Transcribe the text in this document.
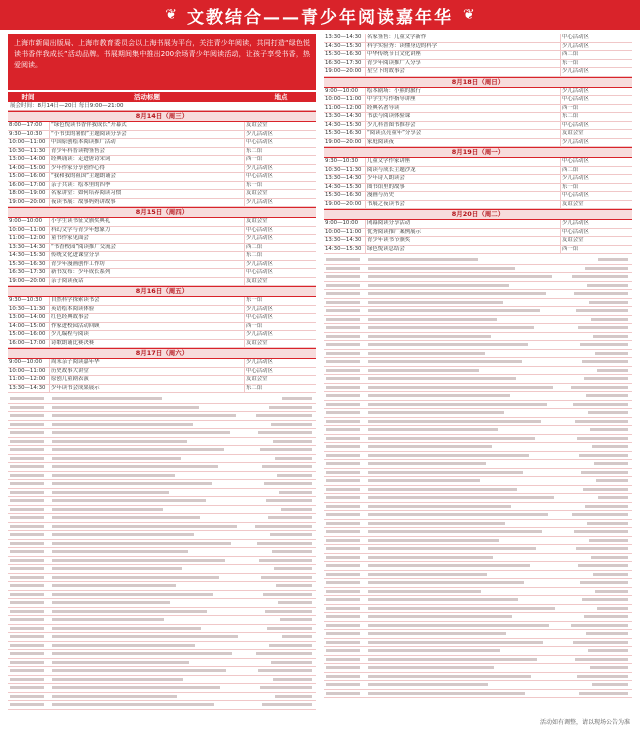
❦ 文教结合——青少年阅读嘉年华 ❦
上海市新闻出版局、上海市教育委员会以上海书展为平台，关注青少年阅读，共同打造“绿色悦读书香伴我成长”活动品牌。书展期间集中推出200余场青少年阅读活动，让孩子享受书香，热爱阅读。
时间	活动标题	地点
展会时间：8月14日—20日 每日9:00—21:00
8月14日（周三）
8:00—17:00	“绿色悦读书香伴我成长”开幕式	友谊会堂
9:30—10:30	“小书虫的暑假”主题阅读分享会	少儿活动区
10:00—11:00	中国原创绘本阅读推广活动	中心活动区
10:30—11:30	青少年科普读物签售会	东二馆
13:00—14:00	经典诵读：走进唐诗宋词	西一馆
14:00—15:00	少年作家分享创作心得	少儿活动区
15:00—16:00	“我和我的祖国”主题朗诵会	中心活动区
16:00—17:00	亲子共读：绘本里的四季	东一馆
18:00—19:00	名家讲堂：如何培养阅读习惯	友谊会堂
19:00—20:00	夜读书展：故事妈妈讲故事	少儿活动区
8月15日（周四）
9:00—10:00	小学生读书征文颁奖典礼	友谊会堂
10:00—11:00	科幻文学与青少年想象力	中心活动区
11:00—12:00	童书作家见面会	少儿活动区
13:30—14:30	“书香校园”阅读推广交流会	西二馆
14:30—15:30	传统文化进课堂分享	东二馆
15:30—16:30	青少年漫画创作工作坊	少儿活动区
16:30—17:30	新书发布：少年成长系列	中心活动区
19:00—20:00	亲子阅读夜话	友谊会堂
8月16日（周五）
9:30—10:30	自然科学探索读书会	东一馆
10:30—11:30	英语绘本阅读体验	少儿活动区
13:00—14:00	红色经典故事会	中心活动区
14:00—15:00	作家进校园活动回顾	西一馆
15:00—16:00	少儿编程与阅读	少儿活动区
16:00—17:00	诗歌朗诵比赛决赛	友谊会堂
8月17日（周六）
9:00—10:00	周末亲子阅读嘉年华	少儿活动区
10:00—11:00	历史故事大讲堂	中心活动区
11:00—12:00	原创儿童剧表演	友谊会堂
13:30—14:30	少年读书会成果展示	东二馆
13:30—14:30	名家签售：儿童文学新作	中心活动区
14:30—15:30	科学实验秀：读懂身边的科学	少儿活动区
15:30—16:30	中华传统节日文化讲座	西二馆
16:30—17:30	青少年阅读推广人分享	东一馆
19:00—20:00	星空下的故事会	少儿活动区
8月18日（周日）
9:00—10:00	绘本剧场：小熊的旅行	少儿活动区
10:00—11:00	中学生写作指导讲座	中心活动区
11:00—12:00	经典名著导读	西一馆
13:30—14:30	书法与阅读体验课	东二馆
14:30—15:30	少儿科普图书推荐会	中心活动区
15:30—16:30	“阅读点亮童年”分享会	友谊会堂
19:00—20:00	家庭阅读夜	少儿活动区
8月19日（周一）
9:30—10:30	儿童文学作家讲座	中心活动区
10:30—11:30	阅读与成长主题沙龙	西二馆
13:30—14:30	少年诗人朗读会	少儿活动区
14:30—15:30	图书馆里的故事	东一馆
15:30—16:30	漫画与历史	中心活动区
19:00—20:00	书展之夜读书会	友谊会堂
8月20日（周二）
9:00—10:00	闭幕阅读分享活动	少儿活动区
10:00—11:00	优秀阅读推广案例展示	中心活动区
13:30—14:30	青少年读书节颁奖	友谊会堂
14:30—15:30	绿色悦读总结会	西一馆
活动如有调整，请以现场公告为准
